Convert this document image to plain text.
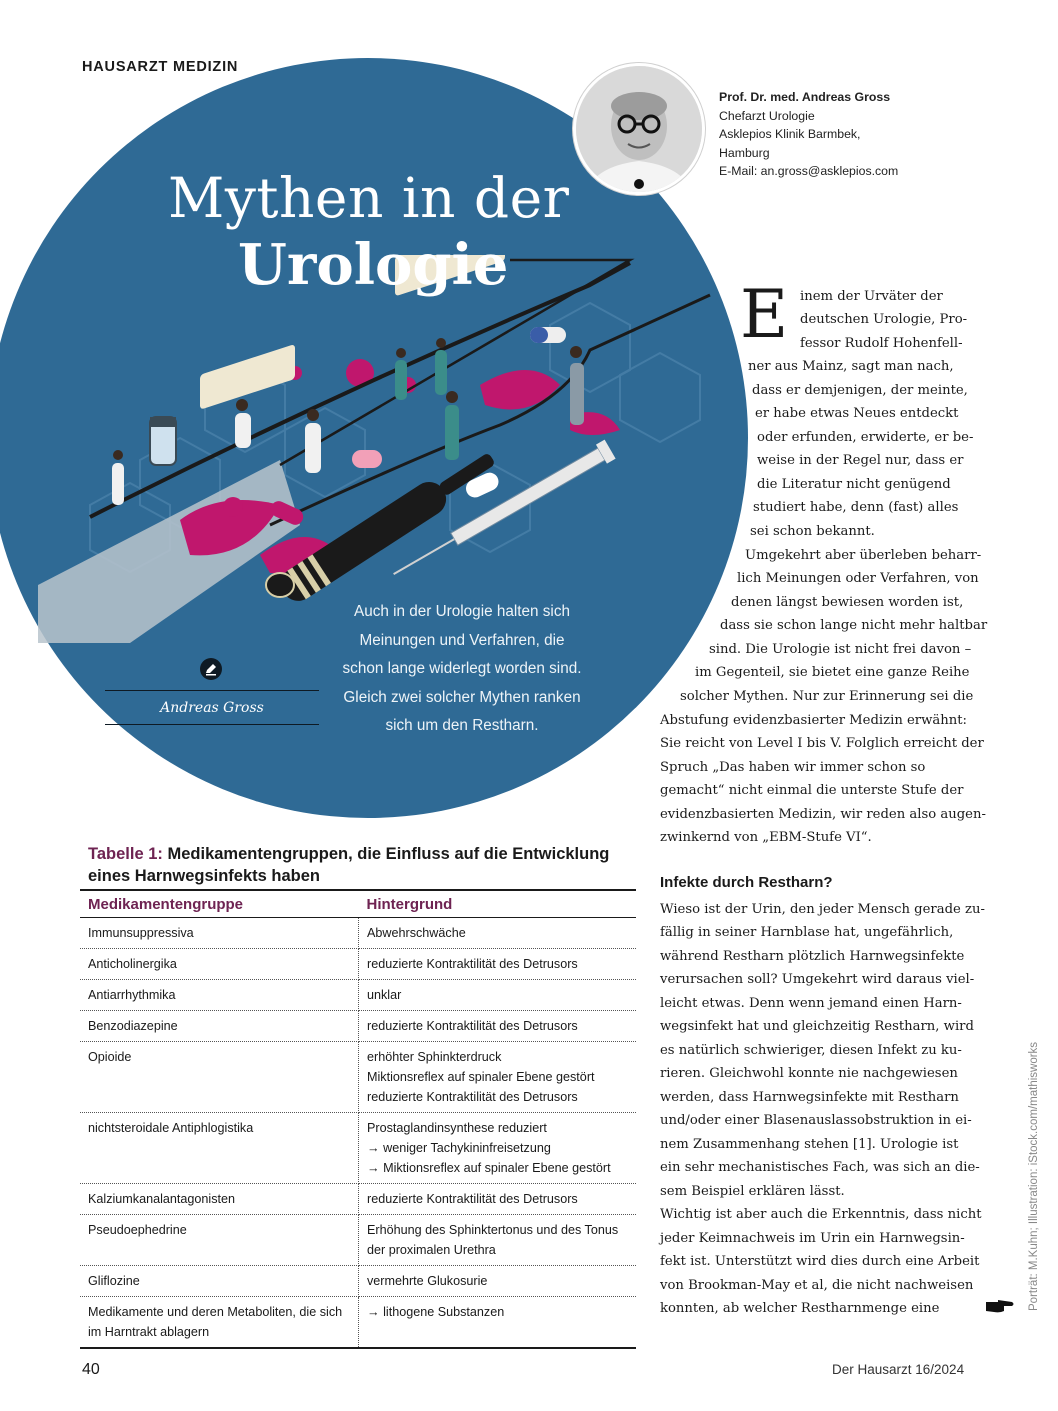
HAUSARZT MEDIZIN
Prof. Dr. med. Andreas Gross
Chefarzt Urologie
Asklepios Klinik Barmbek,
Hamburg
E-Mail: an.gross@asklepios.com
Mythen in der
Urologie
Auch in der Urologie halten sich
Meinungen und Verfahren, die
schon lange widerlegt worden sind.
Gleich zwei solcher Mythen ranken
sich um den Restharn.
Andreas Gross
E inem der Urväter der
deutschen Urologie, Pro-
fessor Rudolf Hohenfell-
ner aus Mainz, sagt man nach,
dass er demjenigen, der meinte,
er habe etwas Neues entdeckt
oder erfunden, erwiderte, er be-
weise in der Regel nur, dass er
die Literatur nicht genügend
studiert habe, denn (fast) alles
sei schon bekannt.
Umgekehrt aber überleben beharr-
lich Meinungen oder Verfahren, von
denen längst bewiesen worden ist,
dass sie schon lange nicht mehr haltbar
sind. Die Urologie ist nicht frei davon –
im Gegenteil, sie bietet eine ganze Reihe
solcher Mythen. Nur zur Erinnerung sei die
Abstufung evidenzbasierter Medizin erwähnt:
Sie reicht von Level I bis V. Folglich erreicht der
Spruch „Das haben wir immer schon so
gemacht“ nicht einmal die unterste Stufe der
evidenzbasierten Medizin, wir reden also augen-
zwinkernd von „EBM-Stufe VI“.
Infekte durch Restharn?
Wieso ist der Urin, den jeder Mensch gerade zu-
fällig in seiner Harnblase hat, ungefährlich,
während Restharn plötzlich Harnwegsinfekte
verursachen soll? Umgekehrt wird daraus viel-
leicht etwas. Denn wenn jemand einen Harn-
wegsinfekt hat und gleichzeitig Restharn, wird
es natürlich schwieriger, diesen Infekt zu ku-
rieren. Gleichwohl konnte nie nachgewiesen
werden, dass Harnwegsinfekte mit Restharn
und/oder einer Blasenauslassobstruktion in ei-
nem Zusammenhang stehen [1]. Urologie ist
ein sehr mechanistisches Fach, was sich an die-
sem Beispiel erklären lässt.
Wichtig ist aber auch die Erkenntnis, dass nicht
jeder Keimnachweis im Urin ein Harnwegsin-
fekt ist. Unterstützt wird dies durch eine Arbeit
von Brookman-May et al, die nicht nachweisen
konnten, ab welcher Restharnmenge eine
Tabelle 1: Medikamentengruppen, die Einfluss auf die Entwicklung eines Harnwegsinfekts haben
Medikamentengruppe	Hintergrund
Immunsuppressiva	Abwehrschwäche

Anticholinergika	reduzierte Kontraktilität des Detrusors

Antiarrhythmika	unklar

Benzodiazepine	reduzierte Kontraktilität des Detrusors

Opioide	erhöhter Sphinkterdruck
Miktionsreflex auf spinaler Ebene gestört
reduzierte Kontraktilität des Detrusors

nichtsteroidale Antiphlogistika	Prostaglandinsynthese reduziert
→ weniger Tachykininfreisetzung
→ Miktionsreflex auf spinaler Ebene gestört

Kalziumkanalantagonisten	reduzierte Kontraktilität des Detrusors

Pseudoephedrine	Erhöhung des Sphinktertonus und des Tonus
der proximalen Urethra

Gliflozine	vermehrte Glukosurie

Medikamente und deren Metaboliten, die sich im Harntrakt ablagern	→ lithogene Substanzen
Porträt: M.Kuhn; Illustration: iStock.com/mathisworks
40	Der Hausarzt 16/2024
